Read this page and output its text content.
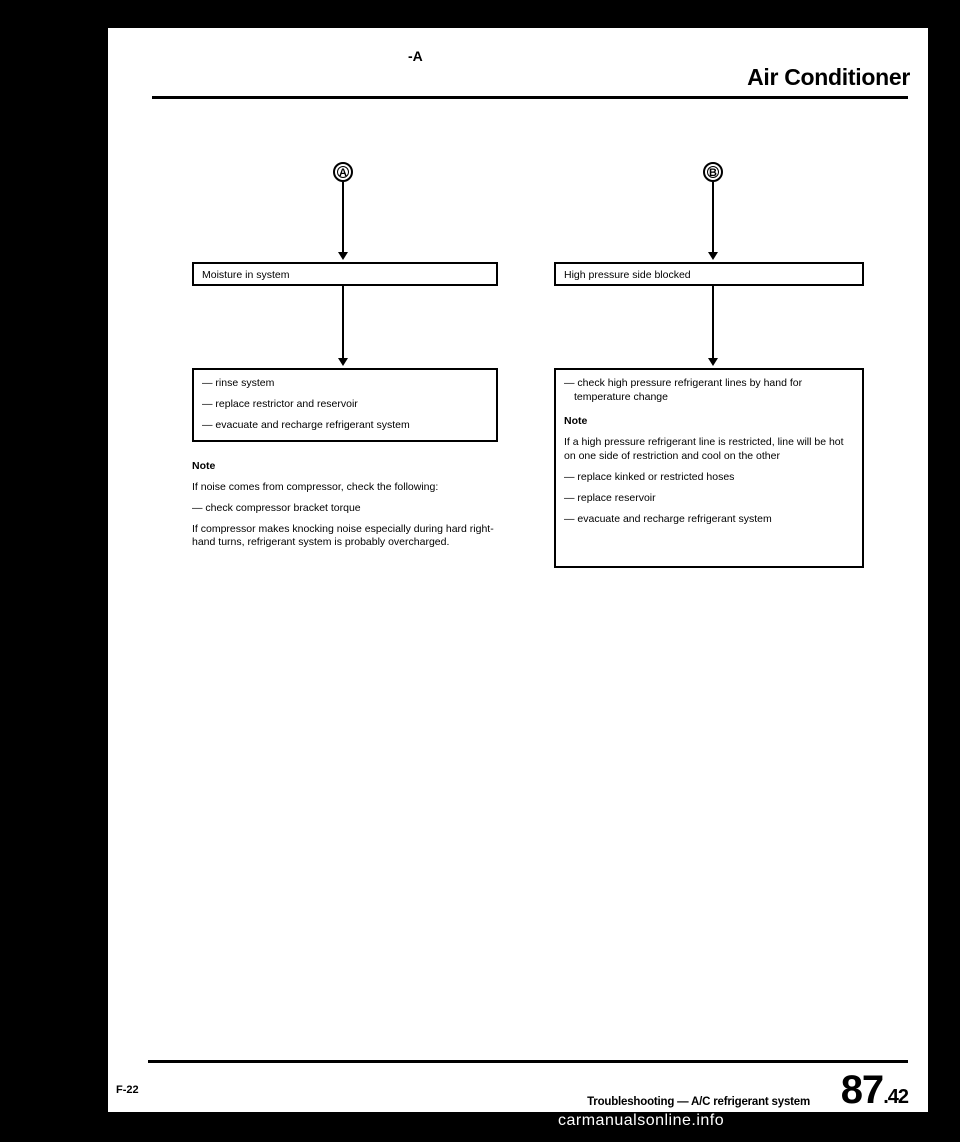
-A
Air Conditioner
A
Moisture in system
— rinse system
— replace restrictor and reservoir
— evacuate and recharge refrigerant system

Note

If noise comes from compressor, check the following:

— check compressor bracket torque

If compressor makes knocking noise especially during hard right-hand turns, refrigerant system is probably overcharged.

B
High pressure side blocked
— check high pressure refrigerant lines by hand for temperature change
Note
If a high pressure refrigerant line is restricted, line will be hot on one side of restriction and cool on the other
— replace kinked or restricted hoses
— replace reservoir
— evacuate and recharge refrigerant system
F-22
Troubleshooting — A/C refrigerant system 87.42
carmanualsonline.info
